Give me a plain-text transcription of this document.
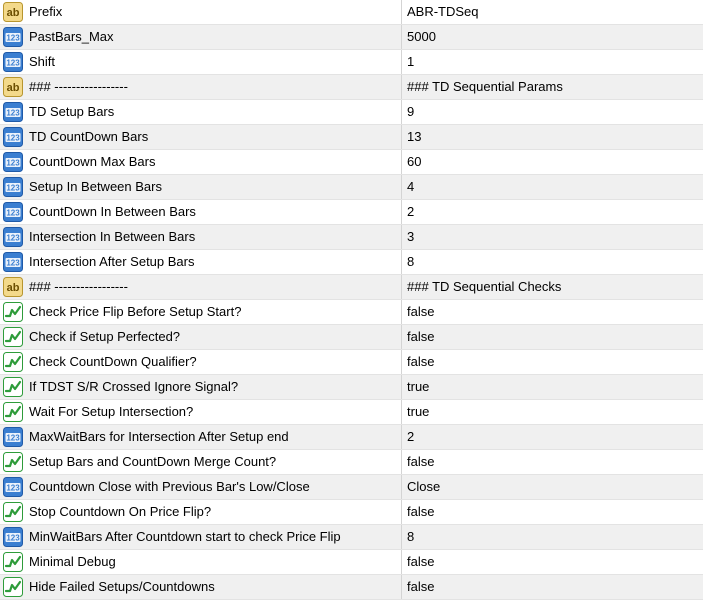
ab Prefix	ABR-TDSeq
123 PastBars_Max	5000
123 Shift	1
ab ### -----------------	### TD Sequential Params
123 TD Setup Bars	9
123 TD CountDown Bars	13
123 CountDown Max Bars	60
123 Setup In Between Bars	4
123 CountDown In Between Bars	2
123 Intersection In Between Bars	3
123 Intersection After Setup Bars	8
ab ### -----------------	### TD Sequential Checks
Check Price Flip Before Setup Start?	false
Check if Setup Perfected?	false
Check CountDown Qualifier?	false
If TDST S/R Crossed Ignore Signal?	true
Wait For Setup Intersection?	true
123 MaxWaitBars for Intersection After Setup end	2
Setup Bars and CountDown Merge Count?	false
123 Countdown Close with Previous Bar's Low/Close	Close
Stop Countdown On Price Flip?	false
123 MinWaitBars After Countdown start to check Price Flip	8
Minimal Debug	false
Hide Failed Setups/Countdowns	false
